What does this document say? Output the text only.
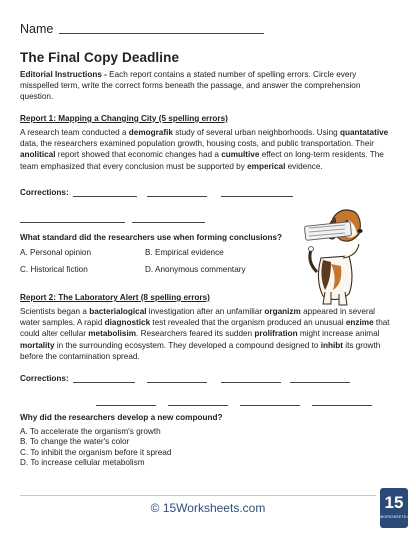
Name
The Final Copy Deadline
Editorial Instructions - Each report contains a stated number of spelling errors. Circle every misspelled term, write the correct forms beneath the passage, and answer the comprehension question.
Report 1: Mapping a Changing City (5 spelling errors)
A research team conducted a demografik study of several urban neighborhoods. Using quantatative data, the researchers examined population growth, housing costs, and public transportation. Their anolitical report showed that economic changes had a cumultive effect on long-term residents. The team emphasized that every conclusion must be supported by emperical evidence.
Corrections:
What standard did the researchers use when forming conclusions?
A. Personal opinion	B. Empirical evidence
C. Historical fiction	D. Anonymous commentary
Report 2: The Laboratory Alert (8 spelling errors)
Scientists began a bacterialogical investigation after an unfamiliar organizm appeared in several water samples. A rapid diagnostick test revealed that the organism produced an unusual enzime that could alter cellular metabolisim. Researchers feared its sudden prolifration might increase animal mortality in the surrounding ecosystem. They developed a compound designed to inhibt its growth before the contamination spread.
Corrections:
Why did the researchers develop a new compound?
A. To accelerate the organism's growth
B. To change the water's color
C. To inhibit the organism before it spread
D. To increase cellular metabolism
© 15Worksheets.com	15
WORKSHEETS.COM
